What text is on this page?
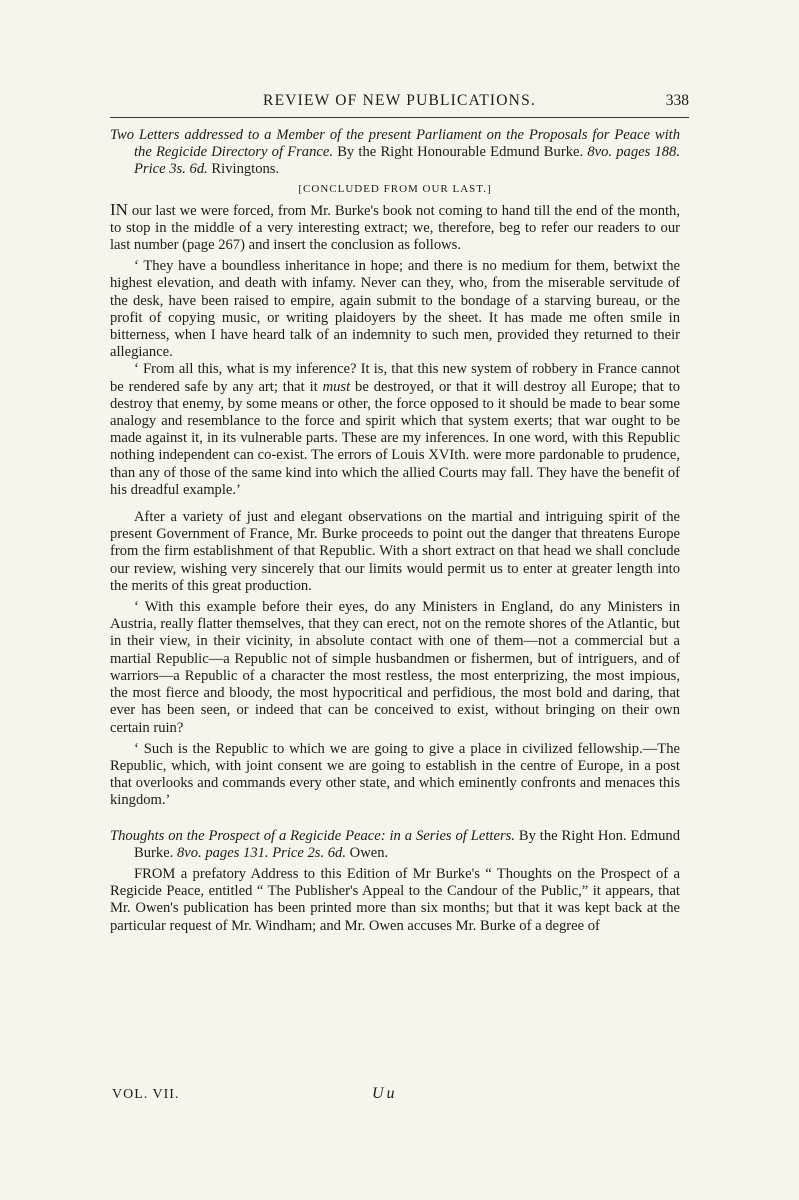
REVIEW OF NEW PUBLICATIONS.	338

Two Letters addressed to a Member of the present Parliament on the Proposals for Peace with the Regicide Directory of France. By the Right Honourable Edmund Burke. 8vo. pages 188. Price 3s. 6d. Rivingtons.

[CONCLUDED FROM OUR LAST.]

IN our last we were forced, from Mr. Burke's book not coming to hand till the end of the month, to stop in the middle of a very interesting extract; we, therefore, beg to refer our readers to our last number (page 267) and insert the conclusion as follows.

‘ They have a boundless inheritance in hope; and there is no medium for them, betwixt the highest elevation, and death with infamy. Never can they, who, from the miserable servitude of the desk, have been raised to empire, again submit to the bondage of a starving bureau, or the profit of copying music, or writing plaidoyers by the sheet. It has made me often smile in bitterness, when I have heard talk of an indemnity to such men, provided they returned to their allegiance.

‘ From all this, what is my inference? It is, that this new system of robbery in France cannot be rendered safe by any art; that it must be destroyed, or that it will destroy all Europe; that to destroy that enemy, by some means or other, the force opposed to it should be made to bear some analogy and resemblance to the force and spirit which that system exerts; that war ought to be made against it, in its vulnerable parts. These are my inferences. In one word, with this Republic nothing independent can co-exist. The errors of Louis XVIth. were more pardonable to prudence, than any of those of the same kind into which the allied Courts may fall. They have the benefit of his dreadful example.’

After a variety of just and elegant observations on the martial and intriguing spirit of the present Government of France, Mr. Burke proceeds to point out the danger that threatens Europe from the firm establishment of that Republic. With a short extract on that head we shall conclude our review, wishing very sincerely that our limits would permit us to enter at greater length into the merits of this great production.

‘ With this example before their eyes, do any Ministers in England, do any Ministers in Austria, really flatter themselves, that they can erect, not on the remote shores of the Atlantic, but in their view, in their vicinity, in absolute contact with one of them—not a commercial but a martial Republic—a Republic not of simple husbandmen or fishermen, but of intriguers, and of warriors—a Republic of a character the most restless, the most enterprizing, the most impious, the most fierce and bloody, the most hypocritical and perfidious, the most bold and daring, that ever has been seen, or indeed that can be conceived to exist, without bringing on their own certain ruin?

‘ Such is the Republic to which we are going to give a place in civilized fellowship.—The Republic, which, with joint consent we are going to establish in the centre of Europe, in a post that overlooks and commands every other state, and which eminently confronts and menaces this kingdom.’

Thoughts on the Prospect of a Regicide Peace: in a Series of Letters. By the Right Hon. Edmund Burke. 8vo. pages 131. Price 2s. 6d. Owen.

FROM a prefatory Address to this Edition of Mr Burke's “ Thoughts on the Prospect of a Regicide Peace, entitled “ The Publisher's Appeal to the Candour of the Public,” it appears, that Mr. Owen's publication has been printed more than six months; but that it was kept back at the particular request of Mr. Windham; and Mr. Owen accuses Mr. Burke of a degree of

VOL. VII.	Uu
